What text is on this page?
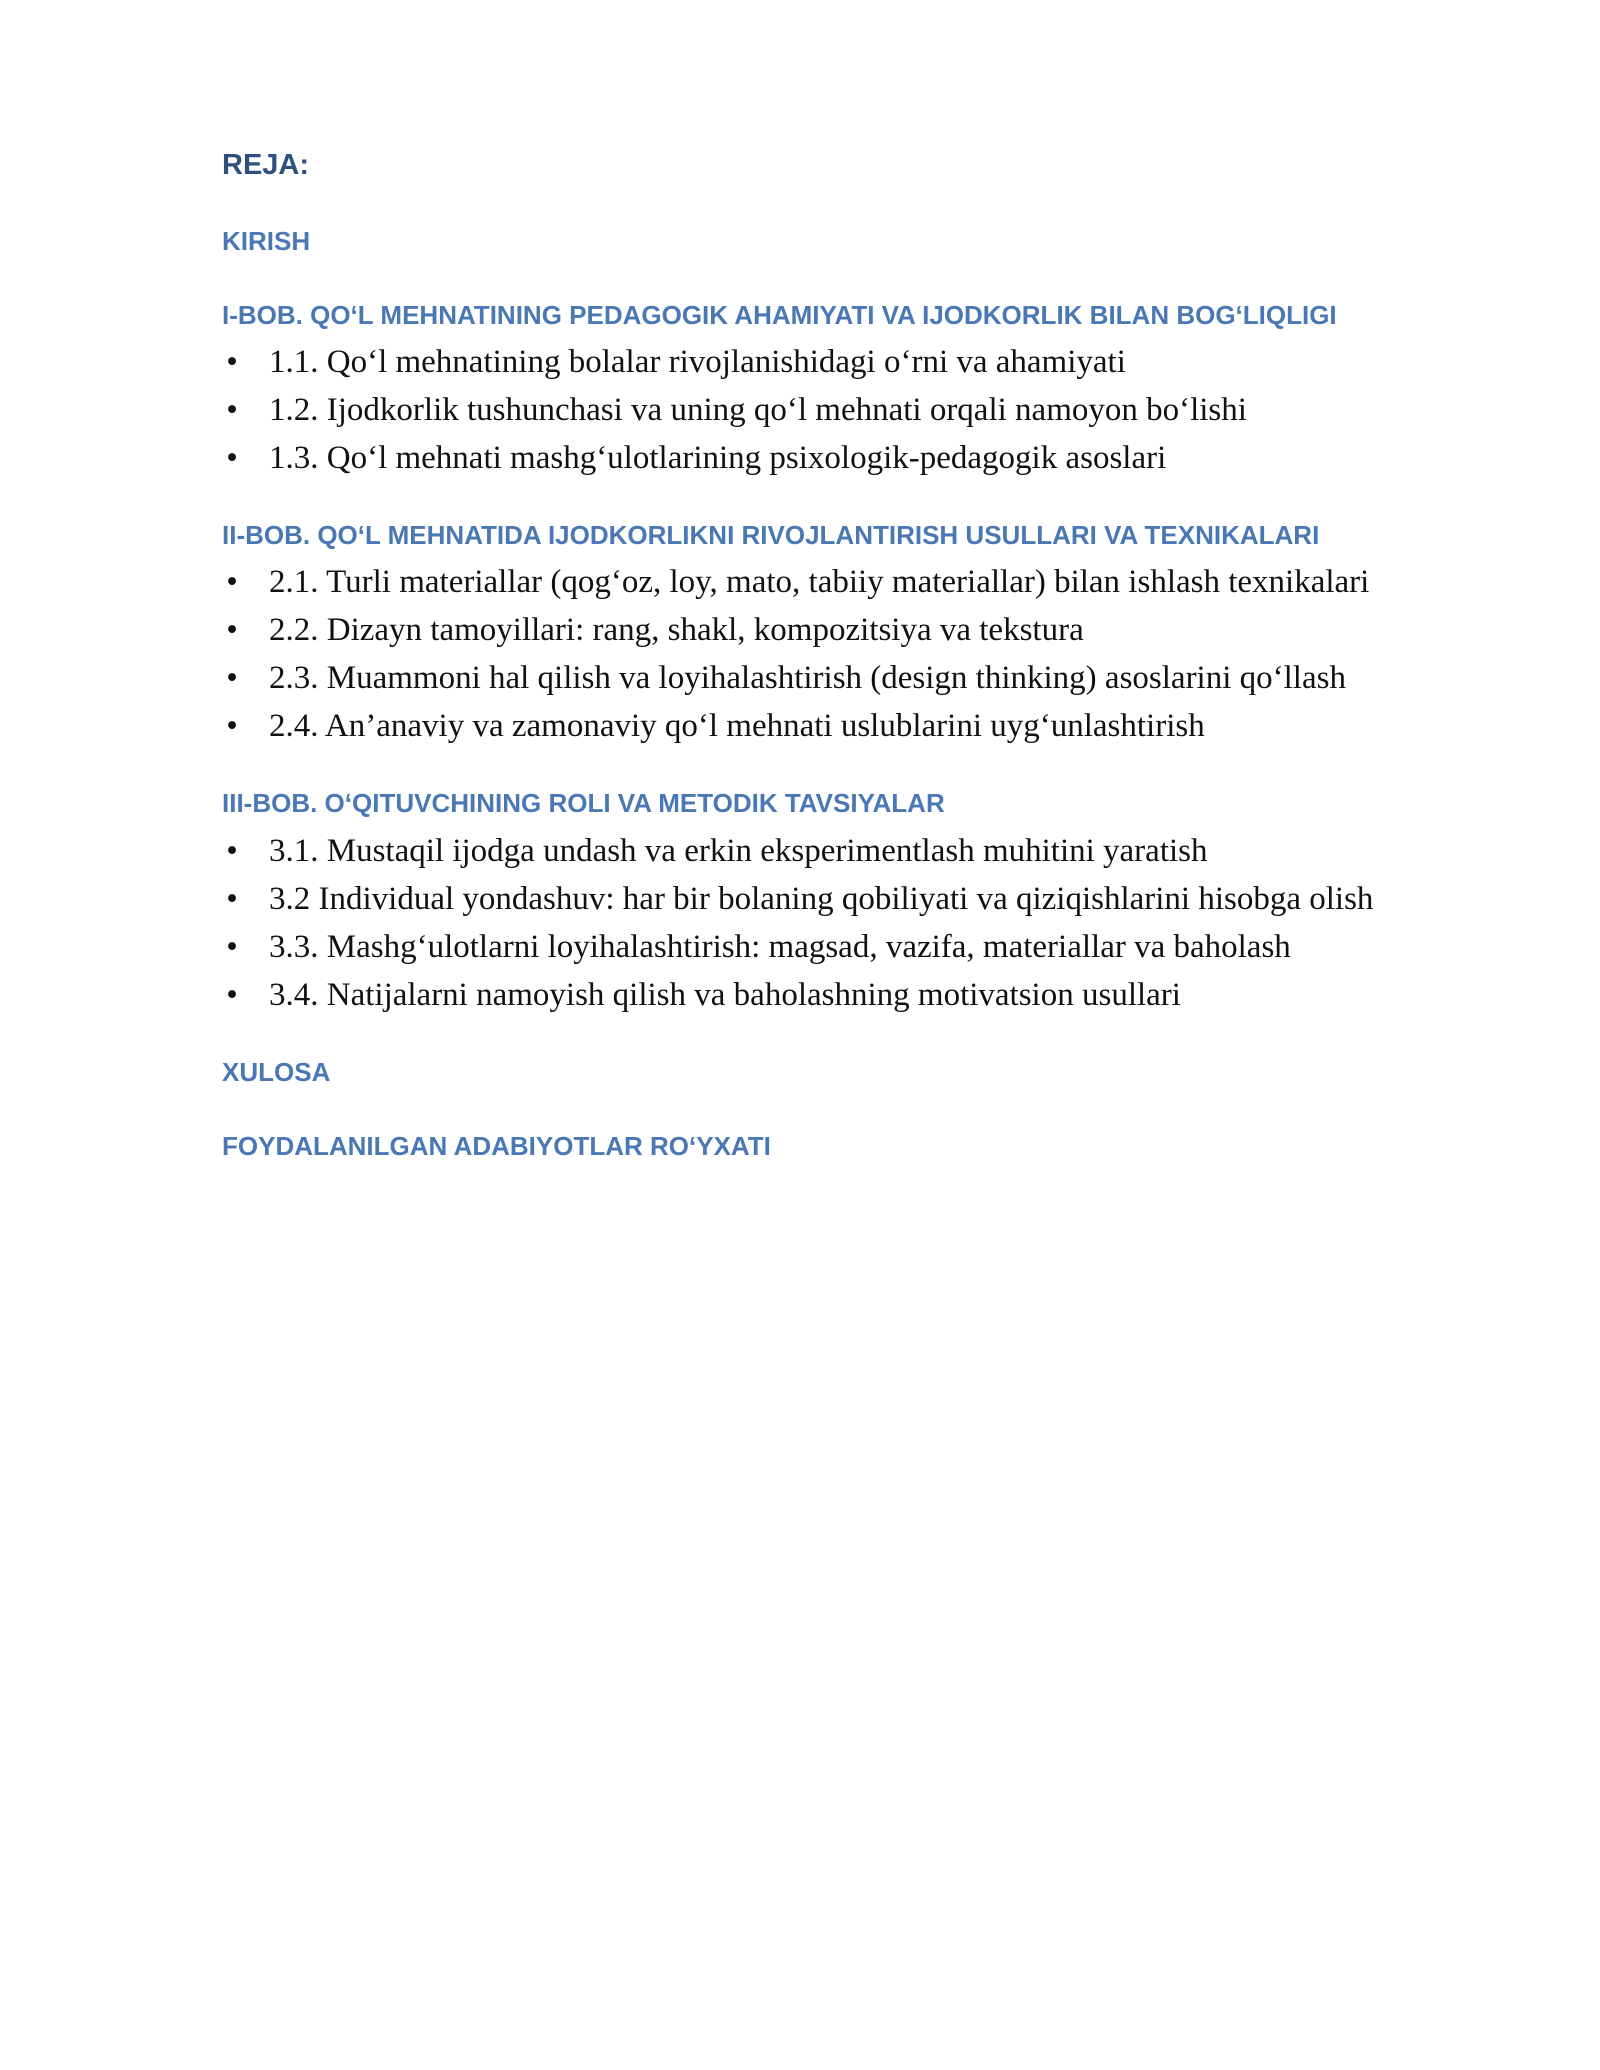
REJA:
KIRISH
I-BOB. QO‘L MEHNATINING PEDAGOGIK AHAMIYATI VA IJODKORLIK BILAN BOG‘LIQLIGI
• 1.1. Qo‘l mehnatining bolalar rivojlanishidagi o‘rni va ahamiyati
• 1.2. Ijodkorlik tushunchasi va uning qo‘l mehnati orqali namoyon bo‘lishi
• 1.3. Qo‘l mehnati mashg‘ulotlarining psixologik-pedagogik asoslari
II-BOB. QO‘L MEHNATIDA IJODKORLIKNI RIVOJLANTIRISH USULLARI VA TEXNIKALARI
• 2.1. Turli materiallar (qog‘oz, loy, mato, tabiiy materiallar) bilan ishlash texnikalari
• 2.2. Dizayn tamoyillari: rang, shakl, kompozitsiya va tekstura
• 2.3. Muammoni hal qilish va loyihalashtirish (design thinking) asoslarini qo‘llash
• 2.4. An’anaviy va zamonaviy qo‘l mehnati uslublarini uyg‘unlashtirish
III-BOB. O‘QITUVCHINING ROLI VA METODIK TAVSIYALAR
• 3.1. Mustaqil ijodga undash va erkin eksperimentlash muhitini yaratish
• 3.2 Individual yondashuv: har bir bolaning qobiliyati va qiziqishlarini hisobga olish
• 3.3. Mashg‘ulotlarni loyihalashtirish: magsad, vazifa, materiallar va baholash
• 3.4. Natijalarni namoyish qilish va baholashning motivatsion usullari
XULOSA
FOYDALANILGAN ADABIYOTLAR RO‘YXATI
